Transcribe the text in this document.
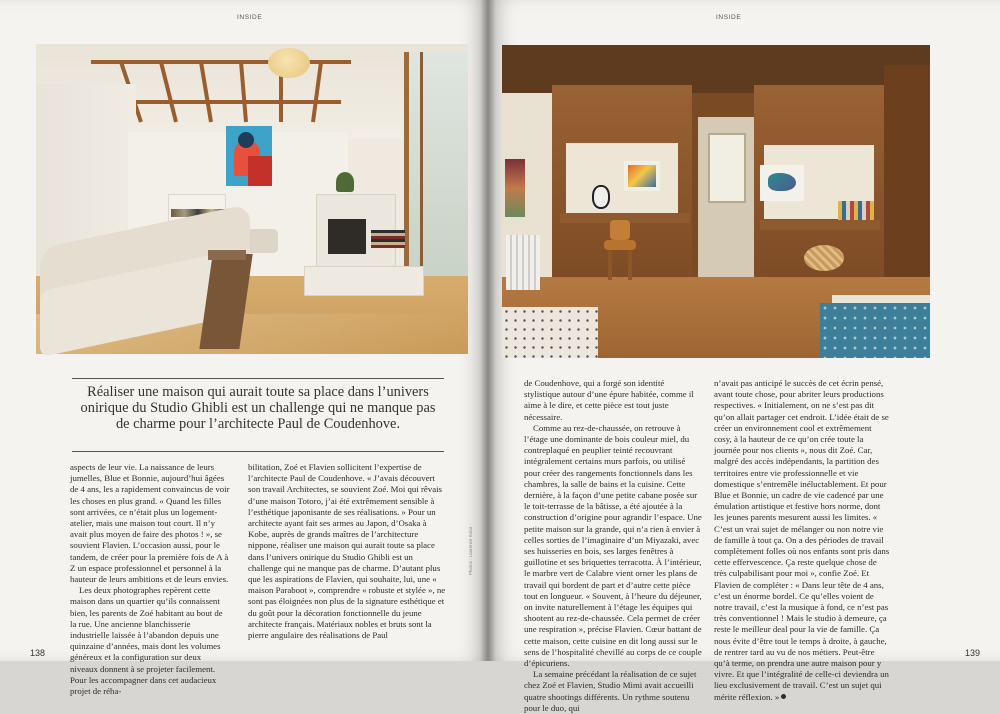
INSIDE

Réaliser une maison qui aurait toute sa place dans l’univers onirique du Studio Ghibli est un challenge qui ne manque pas de charme pour l’architecte Paul de Coudenhove.

aspects de leur vie. La naissance de leurs jumelles, Blue et Bonnie, aujourd’hui âgées de 4 ans, les a rapidement convaincus de voir les choses en plus grand. « Quand les filles sont arrivées, ce n’était plus un logement-atelier, mais une maison tout court. Il n’y avait plus moyen de faire des photos ! », se souvient Flavien. L’occasion aussi, pour le tandem, de créer pour la première fois de A à Z un espace professionnel et personnel à la hauteur de leurs ambitions et de leurs envies.

Les deux photographes repèrent cette maison dans un quartier qu’ils connaissent bien, les parents de Zoé habitant au bout de la rue. Une ancienne blanchisserie industrielle laissée à l’abandon depuis une quinzaine d’années, mais dont les volumes généreux et la configuration sur deux niveaux donnent à se projeter facilement. Pour les accompagner dans cet audacieux projet de réha-

bilitation, Zoé et Flavien sollicitent l’expertise de l’architecte Paul de Coudenhove. « J’avais découvert son travail Architectes, se souvient Zoé. Moi qui rêvais d’une maison Totoro, j’ai été extrêmement sensible à l’esthétique japonisante de ses réalisations. » Pour un architecte ayant fait ses armes au Japon, d’Osaka à Kobe, auprès de grands maîtres de l’architecture nippone, réaliser une maison qui aurait toute sa place dans l’univers onirique du Studio Ghibli est un challenge qui ne manque pas de charme. D’autant plus que les aspirations de Flavien, qui souhaite, lui, une « maison Paraboot », comprendre « robuste et stylée », ne sont pas éloignées non plus de la signature esthétique et du goût pour la décoration fonctionnelle du jeune architecte français. Matériaux nobles et bruts sont la pierre angulaire des réalisations de Paul

Photos : Laurence Kolar
138
INSIDE

de Coudenhove, qui a forgé son identité stylistique autour d’une épure habitée, comme il aime à le dire, et cette pièce est tout juste nécessaire.

Comme au rez-de-chaussée, on retrouve à l’étage une dominante de bois couleur miel, du contreplaqué en peuplier teinté recouvrant intégralement certains murs parfois, ou utilisé pour créer des rangements fonctionnels dans les chambres, la salle de bains et la cuisine. Cette dernière, à la façon d’une petite cabane posée sur le toit-terrasse de la bâtisse, a été ajoutée à la construction d’origine pour agrandir l’espace. Une petite maison sur la grande, qui n’a rien à envier à celles sorties de l’imaginaire d’un Miyazaki, avec ses huisseries en bois, ses larges fenêtres à guillotine et ses briquettes terracotta. À l’intérieur, le marbre vert de Calabre vient orner les plans de travail qui bordent de part et d’autre cette pièce tout en longueur. « Souvent, à l’heure du déjeuner, on invite naturellement à l’étage les équipes qui shootent au rez-de-chaussée. Cela permet de créer une respiration », précise Flavien. Cœur battant de cette maison, cette cuisine en dit long aussi sur le sens de l’hospitalité chevillé au corps de ce couple d’épicuriens.

La semaine précédant la réalisation de ce sujet chez Zoé et Flavien, Studio Mimi avait accueilli quatre shootings différents. Un rythme soutenu pour le duo, qui

n’avait pas anticipé le succès de cet écrin pensé, avant toute chose, pour abriter leurs productions respectives. « Initialement, on ne s’est pas dit qu’on allait partager cet endroit. L’idée était de se créer un environnement cool et extrêmement cosy, à la hauteur de ce qu’on crée toute la journée pour nos clients », nous dit Zoé. Car, malgré des accès indépendants, la partition des territoires entre vie professionnelle et vie domestique s’entremêle inéluctablement. Et pour Blue et Bonnie, un cadre de vie cadencé par une émulation artistique et festive hors norme, dont les jeunes parents mesurent aussi les limites. « C’est un vrai sujet de mélanger ou non notre vie de famille à tout ça. On a des périodes de travail complètement folles où nos enfants sont pris dans cette effervescence. Ça reste quelque chose de très culpabilisant pour moi », confie Zoé. Et Flavien de compléter : « Dans leur tête de 4 ans, c’est un énorme bordel. Ce qu’elles voient de notre travail, c’est la musique à fond, ce n’est pas très conventionnel ! Mais le studio à demeure, ça reste le meilleur deal pour la vie de famille. Ça nous évite d’être tout le temps à droite, à gauche, de rentrer tard au vu de nos métiers. Peut-être qu’à terme, on prendra une autre maison pour y vivre. Et que l’intégralité de celle-ci deviendra un lieu exclusivement de travail. C’est un sujet qui mérite réflexion. »

139
